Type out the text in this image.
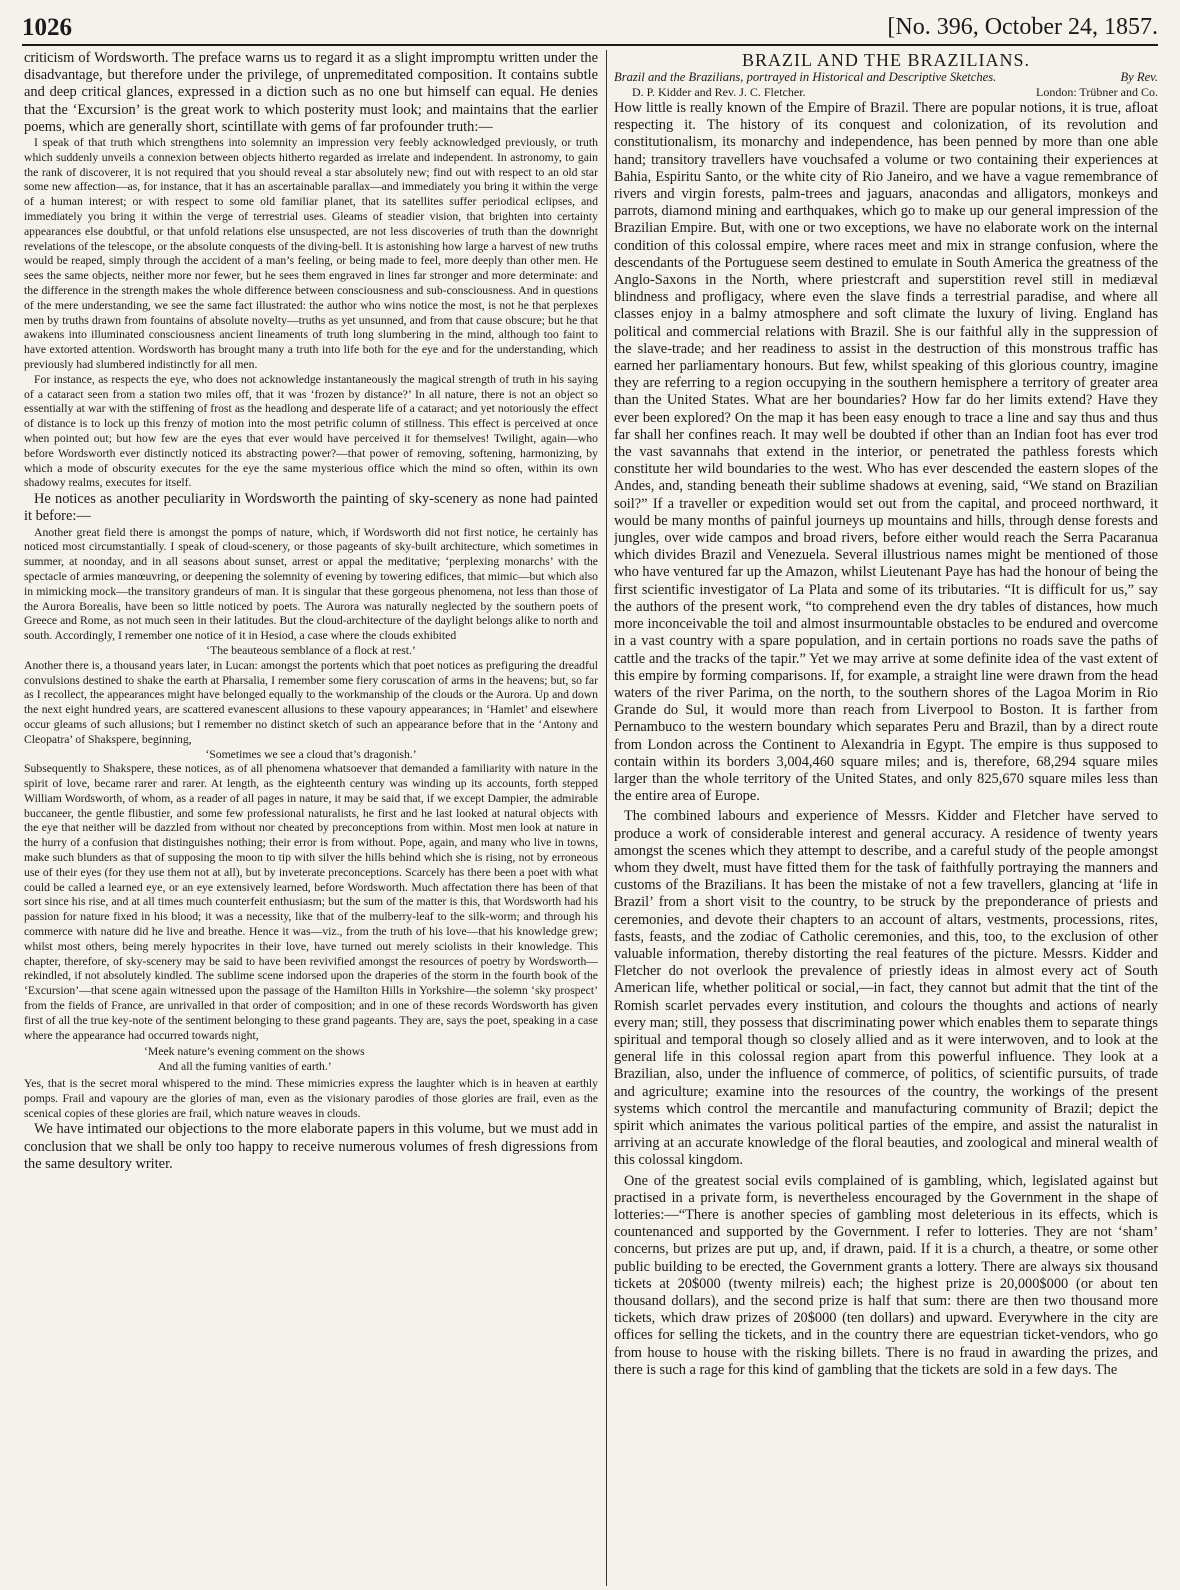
1026	[No. 396, October 24, 1857.

criticism of Wordsworth. The preface warns us to regard it as a slight impromptu written under the disadvantage, but therefore under the privilege, of unpremeditated composition. It contains subtle and deep critical glances, expressed in a diction such as no one but himself can equal. He denies that the ‘Excursion’ is the great work to which posterity must look; and maintains that the earlier poems, which are generally short, scintillate with gems of far profounder truth:—

I speak of that truth which strengthens into solemnity an impression very feebly acknowledged previously, or truth which suddenly unveils a connexion between objects hitherto regarded as irrelate and independent. In astronomy, to gain the rank of discoverer, it is not required that you should reveal a star absolutely new; find out with respect to an old star some new affection—as, for instance, that it has an ascertainable parallax—and immediately you bring it within the verge of a human interest; or with respect to some old familiar planet, that its satellites suffer periodical eclipses, and immediately you bring it within the verge of terrestrial uses. Gleams of steadier vision, that brighten into certainty appearances else doubtful, or that unfold relations else unsuspected, are not less discoveries of truth than the downright revelations of the telescope, or the absolute conquests of the diving-bell. It is astonishing how large a harvest of new truths would be reaped, simply through the accident of a man’s feeling, or being made to feel, more deeply than other men. He sees the same objects, neither more nor fewer, but he sees them engraved in lines far stronger and more determinate: and the difference in the strength makes the whole difference between consciousness and sub-consciousness. And in questions of the mere understanding, we see the same fact illustrated: the author who wins notice the most, is not he that perplexes men by truths drawn from fountains of absolute novelty—truths as yet unsunned, and from that cause obscure; but he that awakens into illuminated consciousness ancient lineaments of truth long slumbering in the mind, although too faint to have extorted attention. Wordsworth has brought many a truth into life both for the eye and for the understanding, which previously had slumbered indistinctly for all men.

For instance, as respects the eye, who does not acknowledge instantaneously the magical strength of truth in his saying of a cataract seen from a station two miles off, that it was ‘frozen by distance?’ In all nature, there is not an object so essentially at war with the stiffening of frost as the headlong and desperate life of a cataract; and yet notoriously the effect of distance is to lock up this frenzy of motion into the most petrific column of stillness. This effect is perceived at once when pointed out; but how few are the eyes that ever would have perceived it for themselves! Twilight, again—who before Wordsworth ever distinctly noticed its abstracting power?—that power of removing, softening, harmonizing, by which a mode of obscurity executes for the eye the same mysterious office which the mind so often, within its own shadowy realms, executes for itself.

He notices as another peculiarity in Wordsworth the painting of sky-scenery as none had painted it before:—

Another great field there is amongst the pomps of nature, which, if Wordsworth did not first notice, he certainly has noticed most circumstantially. I speak of cloud-scenery, or those pageants of sky-built architecture, which sometimes in summer, at noonday, and in all seasons about sunset, arrest or appal the meditative; ‘perplexing monarchs’ with the spectacle of armies manœuvring, or deepening the solemnity of evening by towering edifices, that mimic—but which also in mimicking mock—the transitory grandeurs of man. It is singular that these gorgeous phenomena, not less than those of the Aurora Borealis, have been so little noticed by poets. The Aurora was naturally neglected by the southern poets of Greece and Rome, as not much seen in their latitudes. But the cloud-architecture of the daylight belongs alike to north and south. Accordingly, I remember one notice of it in Hesiod, a case where the clouds exhibited

‘The beauteous semblance of a flock at rest.’

Another there is, a thousand years later, in Lucan: amongst the portents which that poet notices as prefiguring the dreadful convulsions destined to shake the earth at Pharsalia, I remember some fiery coruscation of arms in the heavens; but, so far as I recollect, the appearances might have belonged equally to the workmanship of the clouds or the Aurora. Up and down the next eight hundred years, are scattered evanescent allusions to these vapoury appearances; in ‘Hamlet’ and elsewhere occur gleams of such allusions; but I remember no distinct sketch of such an appearance before that in the ‘Antony and Cleopatra’ of Shakspere, beginning,

‘Sometimes we see a cloud that’s dragonish.’

Subsequently to Shakspere, these notices, as of all phenomena whatsoever that demanded a familiarity with nature in the spirit of love, became rarer and rarer. At length, as the eighteenth century was winding up its accounts, forth stepped William Wordsworth, of whom, as a reader of all pages in nature, it may be said that, if we except Dampier, the admirable buccaneer, the gentle flibustier, and some few professional naturalists, he first and he last looked at natural objects with the eye that neither will be dazzled from without nor cheated by preconceptions from within. Most men look at nature in the hurry of a confusion that distinguishes nothing; their error is from without. Pope, again, and many who live in towns, make such blunders as that of supposing the moon to tip with silver the hills behind which she is rising, not by erroneous use of their eyes (for they use them not at all), but by inveterate preconceptions. Scarcely has there been a poet with what could be called a learned eye, or an eye extensively learned, before Wordsworth. Much affectation there has been of that sort since his rise, and at all times much counterfeit enthusiasm; but the sum of the matter is this, that Wordsworth had his passion for nature fixed in his blood; it was a necessity, like that of the mulberry-leaf to the silk-worm; and through his commerce with nature did he live and breathe. Hence it was—viz., from the truth of his love—that his knowledge grew; whilst most others, being merely hypocrites in their love, have turned out merely sciolists in their knowledge. This chapter, therefore, of sky-scenery may be said to have been revivified amongst the resources of poetry by Wordsworth—rekindled, if not absolutely kindled. The sublime scene indorsed upon the draperies of the storm in the fourth book of the ‘Excursion’—that scene again witnessed upon the passage of the Hamilton Hills in Yorkshire—the solemn ‘sky prospect’ from the fields of France, are unrivalled in that order of composition; and in one of these records Wordsworth has given first of all the true key-note of the sentiment belonging to these grand pageants. They are, says the poet, speaking in a case where the appearance had occurred towards night,

‘Meek nature’s evening comment on the shows
And all the fuming vanities of earth.’

Yes, that is the secret moral whispered to the mind. These mimicries express the laughter which is in heaven at earthly pomps. Frail and vapoury are the glories of man, even as the visionary parodies of those glories are frail, even as the scenical copies of these glories are frail, which nature weaves in clouds.

We have intimated our objections to the more elaborate papers in this volume, but we must add in conclusion that we shall be only too happy to receive numerous volumes of fresh digressions from the same desultory writer.

BRAZIL AND THE BRAZILIANS.
Brazil and the Brazilians, portrayed in Historical and Descriptive Sketches.	By Rev.
D. P. Kidder and Rev. J. C. Fletcher.	London: Trübner and Co.

How little is really known of the Empire of Brazil. There are popular notions, it is true, afloat respecting it. The history of its conquest and colonization, of its revolution and constitutionalism, its monarchy and independence, has been penned by more than one able hand; transitory travellers have vouchsafed a volume or two containing their experiences at Bahia, Espiritu Santo, or the white city of Rio Janeiro, and we have a vague remembrance of rivers and virgin forests, palm-trees and jaguars, anacondas and alligators, monkeys and parrots, diamond mining and earthquakes, which go to make up our general impression of the Brazilian Empire. But, with one or two exceptions, we have no elaborate work on the internal condition of this colossal empire, where races meet and mix in strange confusion, where the descendants of the Portuguese seem destined to emulate in South America the greatness of the Anglo-Saxons in the North, where priestcraft and superstition revel still in mediæval blindness and profligacy, where even the slave finds a terrestrial paradise, and where all classes enjoy in a balmy atmosphere and soft climate the luxury of living. England has political and commercial relations with Brazil. She is our faithful ally in the suppression of the slave-trade; and her readiness to assist in the destruction of this monstrous traffic has earned her parliamentary honours. But few, whilst speaking of this glorious country, imagine they are referring to a region occupying in the southern hemisphere a territory of greater area than the United States. What are her boundaries? How far do her limits extend? Have they ever been explored? On the map it has been easy enough to trace a line and say thus and thus far shall her confines reach. It may well be doubted if other than an Indian foot has ever trod the vast savannahs that extend in the interior, or penetrated the pathless forests which constitute her wild boundaries to the west. Who has ever descended the eastern slopes of the Andes, and, standing beneath their sublime shadows at evening, said, “We stand on Brazilian soil?” If a traveller or expedition would set out from the capital, and proceed northward, it would be many months of painful journeys up mountains and hills, through dense forests and jungles, over wide campos and broad rivers, before either would reach the Serra Pacaranua which divides Brazil and Venezuela. Several illustrious names might be mentioned of those who have ventured far up the Amazon, whilst Lieutenant Paye has had the honour of being the first scientific investigator of La Plata and some of its tributaries. “It is difficult for us,” say the authors of the present work, “to comprehend even the dry tables of distances, how much more inconceivable the toil and almost insurmountable obstacles to be endured and overcome in a vast country with a spare population, and in certain portions no roads save the paths of cattle and the tracks of the tapir.” Yet we may arrive at some definite idea of the vast extent of this empire by forming comparisons. If, for example, a straight line were drawn from the head waters of the river Parima, on the north, to the southern shores of the Lagoa Morim in Rio Grande do Sul, it would more than reach from Liverpool to Boston. It is farther from Pernambuco to the western boundary which separates Peru and Brazil, than by a direct route from London across the Continent to Alexandria in Egypt. The empire is thus supposed to contain within its borders 3,004,460 square miles; and is, therefore, 68,294 square miles larger than the whole territory of the United States, and only 825,670 square miles less than the entire area of Europe.

The combined labours and experience of Messrs. Kidder and Fletcher have served to produce a work of considerable interest and general accuracy. A residence of twenty years amongst the scenes which they attempt to describe, and a careful study of the people amongst whom they dwelt, must have fitted them for the task of faithfully portraying the manners and customs of the Brazilians. It has been the mistake of not a few travellers, glancing at ‘life in Brazil’ from a short visit to the country, to be struck by the preponderance of priests and ceremonies, and devote their chapters to an account of altars, vestments, processions, rites, fasts, feasts, and the zodiac of Catholic ceremonies, and this, too, to the exclusion of other valuable information, thereby distorting the real features of the picture. Messrs. Kidder and Fletcher do not overlook the prevalence of priestly ideas in almost every act of South American life, whether political or social,—in fact, they cannot but admit that the tint of the Romish scarlet pervades every institution, and colours the thoughts and actions of nearly every man; still, they possess that discriminating power which enables them to separate things spiritual and temporal though so closely allied and as it were interwoven, and to look at the general life in this colossal region apart from this powerful influence. They look at a Brazilian, also, under the influence of commerce, of politics, of scientific pursuits, of trade and agriculture; examine into the resources of the country, the workings of the present systems which control the mercantile and manufacturing community of Brazil; depict the spirit which animates the various political parties of the empire, and assist the naturalist in arriving at an accurate knowledge of the floral beauties, and zoological and mineral wealth of this colossal kingdom.

One of the greatest social evils complained of is gambling, which, legislated against but practised in a private form, is nevertheless encouraged by the Government in the shape of lotteries:—“There is another species of gambling most deleterious in its effects, which is countenanced and supported by the Government. I refer to lotteries. They are not ‘sham’ concerns, but prizes are put up, and, if drawn, paid. If it is a church, a theatre, or some other public building to be erected, the Government grants a lottery. There are always six thousand tickets at 20$000 (twenty milreis) each; the highest prize is 20,000$000 (or about ten thousand dollars), and the second prize is half that sum: there are then two thousand more tickets, which draw prizes of 20$000 (ten dollars) and upward. Everywhere in the city are offices for selling the tickets, and in the country there are equestrian ticket-vendors, who go from house to house with the risking billets. There is no fraud in awarding the prizes, and there is such a rage for this kind of gambling that the tickets are sold in a few days. The
